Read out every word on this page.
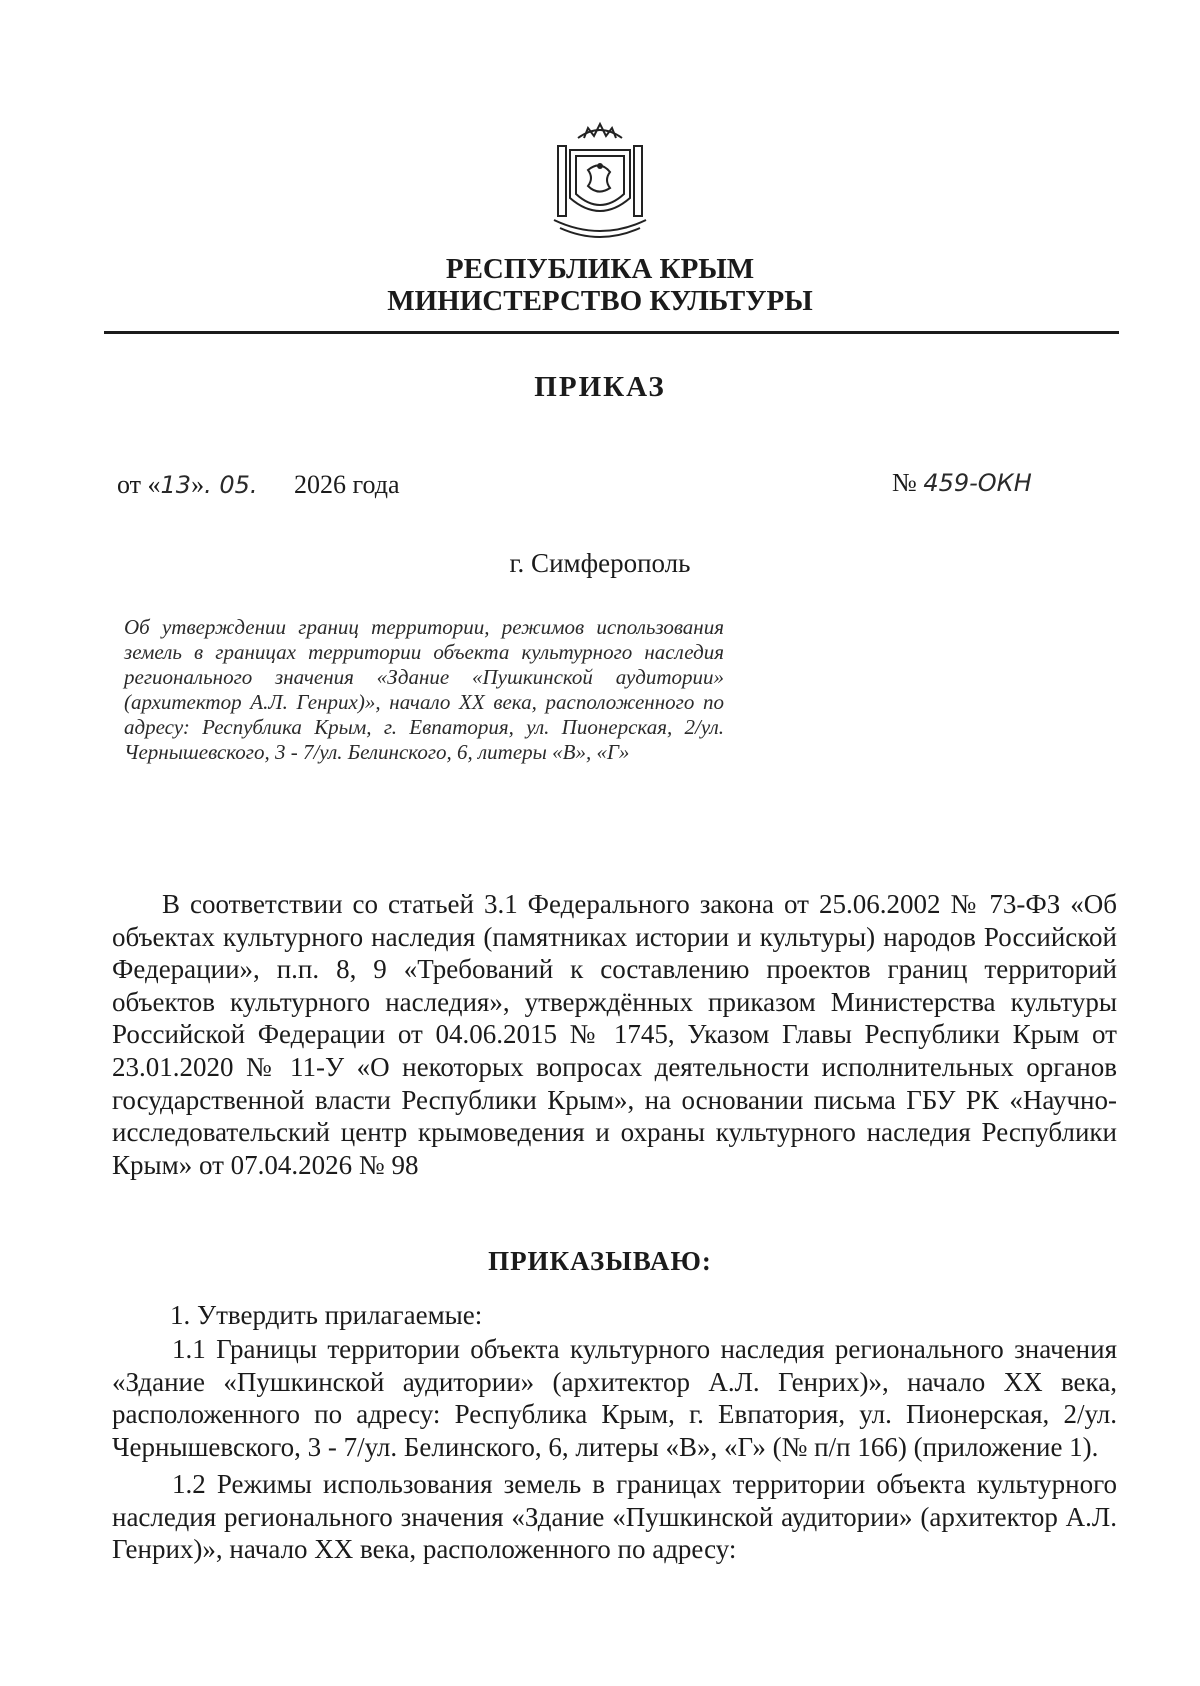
РЕСПУБЛИКА КРЫМ
МИНИСТЕРСТВО КУЛЬТУРЫ
ПРИКАЗ
от «13». 05. 2026 года	№ 459-ОКН
г. Симферополь
Об утверждении границ территории, режимов использования земель в границах территории объекта культурного наследия регионального значения «Здание «Пушкинской аудитории» (архитектор А.Л. Генрих)», начало XX века, расположенного по адресу: Республика Крым, г. Евпатория, ул. Пионерская, 2/ул. Чернышевского, 3 - 7/ул. Белинского, 6, литеры «В», «Г»
В соответствии со статьей 3.1 Федерального закона от 25.06.2002 № 73-ФЗ «Об объектах культурного наследия (памятниках истории и культуры) народов Российской Федерации», п.п. 8, 9 «Требований к составлению проектов границ территорий объектов культурного наследия», утверждённых приказом Министерства культуры Российской Федерации от 04.06.2015 № 1745, Указом Главы Республики Крым от 23.01.2020 № 11-У «О некоторых вопросах деятельности исполнительных органов государственной власти Республики Крым», на основании письма ГБУ РК «Научно-исследовательский центр крымоведения и охраны культурного наследия Республики Крым» от 07.04.2026 № 98
ПРИКАЗЫВАЮ:
1. Утвердить прилагаемые:
1.1 Границы территории объекта культурного наследия регионального значения «Здание «Пушкинской аудитории» (архитектор А.Л. Генрих)», начало XX века, расположенного по адресу: Республика Крым, г. Евпатория, ул. Пионерская, 2/ул. Чернышевского, 3 - 7/ул. Белинского, 6, литеры «В», «Г» (№ п/п 166) (приложение 1).
1.2 Режимы использования земель в границах территории объекта культурного наследия регионального значения «Здание «Пушкинской аудитории» (архитектор А.Л. Генрих)», начало XX века, расположенного по адресу:
